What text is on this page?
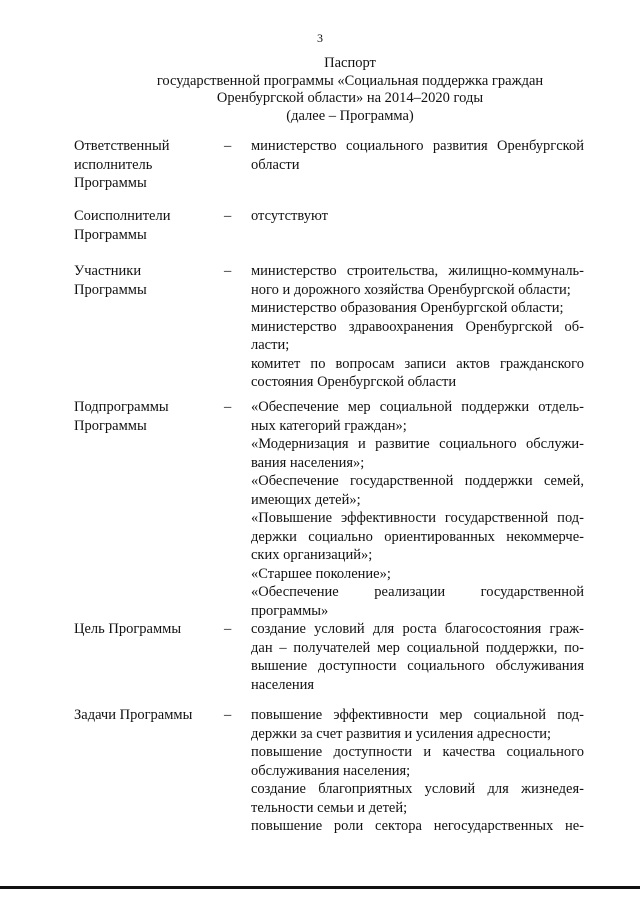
3
Паспорт
государственной программы «Социальная поддержка граждан
Оренбургской области» на 2014–2020 годы
(далее – Программа)
Ответственный
исполнитель
Программы
– министерство социального развития Оренбургской
области
Соисполнители
Программы
– отсутствуют
Участники
Программы
– министерство строительства, жилищно-коммуналь-
ного и дорожного хозяйства Оренбургской области;
министерство образования Оренбургской области;
министерство здравоохранения Оренбургской об-
ласти;
комитет по вопросам записи актов гражданского
состояния Оренбургской области
Подпрограммы
Программы
– «Обеспечение мер социальной поддержки отдель-
ных категорий граждан»;
«Модернизация и развитие социального обслужи-
вания населения»;
«Обеспечение государственной поддержки семей,
имеющих детей»;
«Повышение эффективности государственной под-
держки социально ориентированных некоммерче-
ских организаций»;
«Старшее поколение»;
«Обеспечение реализации государственной
программы»
Цель Программы	– создание условий для роста благосостояния граж-
дан – получателей мер социальной поддержки, по-
вышение доступности социального обслуживания
населения
Задачи Программы	– повышение эффективности мер социальной под-
держки за счет развития и усиления адресности;
повышение доступности и качества социального
обслуживания населения;
создание благоприятных условий для жизнедея-
тельности семьи и детей;
повышение роли сектора негосударственных не-
